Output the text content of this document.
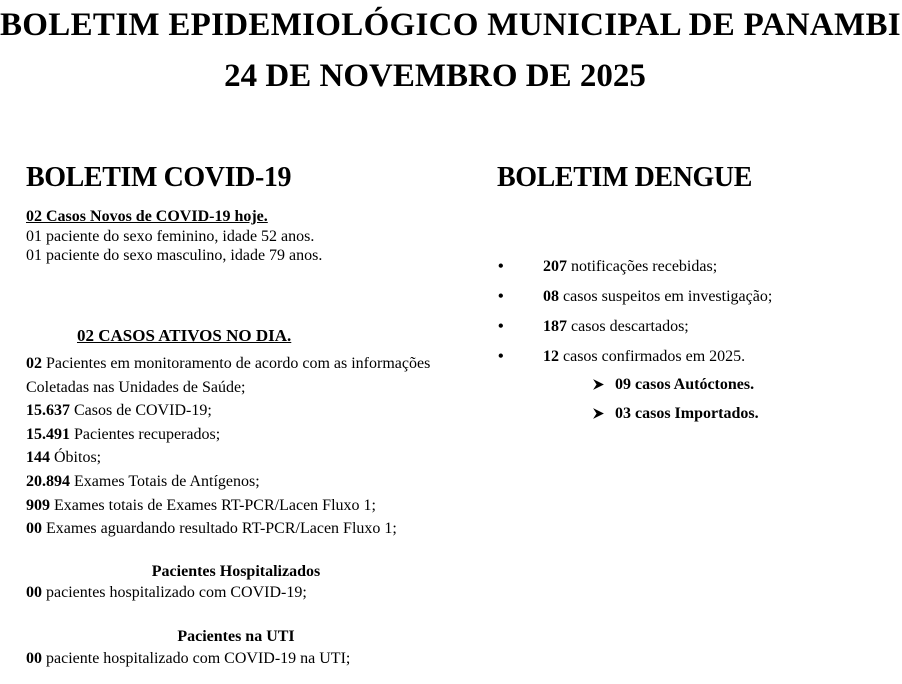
BOLETIM EPIDEMIOLÓGICO MUNICIPAL DE PANAMBI
24 DE NOVEMBRO DE 2025
BOLETIM COVID-19
02 Casos Novos de COVID-19 hoje.
01 paciente do sexo feminino, idade 52 anos.
01 paciente do sexo masculino, idade 79 anos.
02 CASOS ATIVOS NO DIA.
02 Pacientes em monitoramento de acordo com as informações Coletadas nas Unidades de Saúde;
15.637 Casos de COVID-19;
15.491 Pacientes recuperados;
144 Óbitos;
20.894 Exames Totais de Antígenos;
909 Exames totais de Exames RT-PCR/Lacen Fluxo 1;
00 Exames aguardando resultado RT-PCR/Lacen Fluxo 1;
Pacientes Hospitalizados
00 pacientes hospitalizado com COVID-19;
Pacientes na UTI
00 paciente hospitalizado com COVID-19 na UTI;
BOLETIM DENGUE
• 207 notificações recebidas;
• 08 casos suspeitos em investigação;
• 187 casos descartados;
• 12 casos confirmados em 2025.
09 casos Autóctones.
03 casos Importados.
